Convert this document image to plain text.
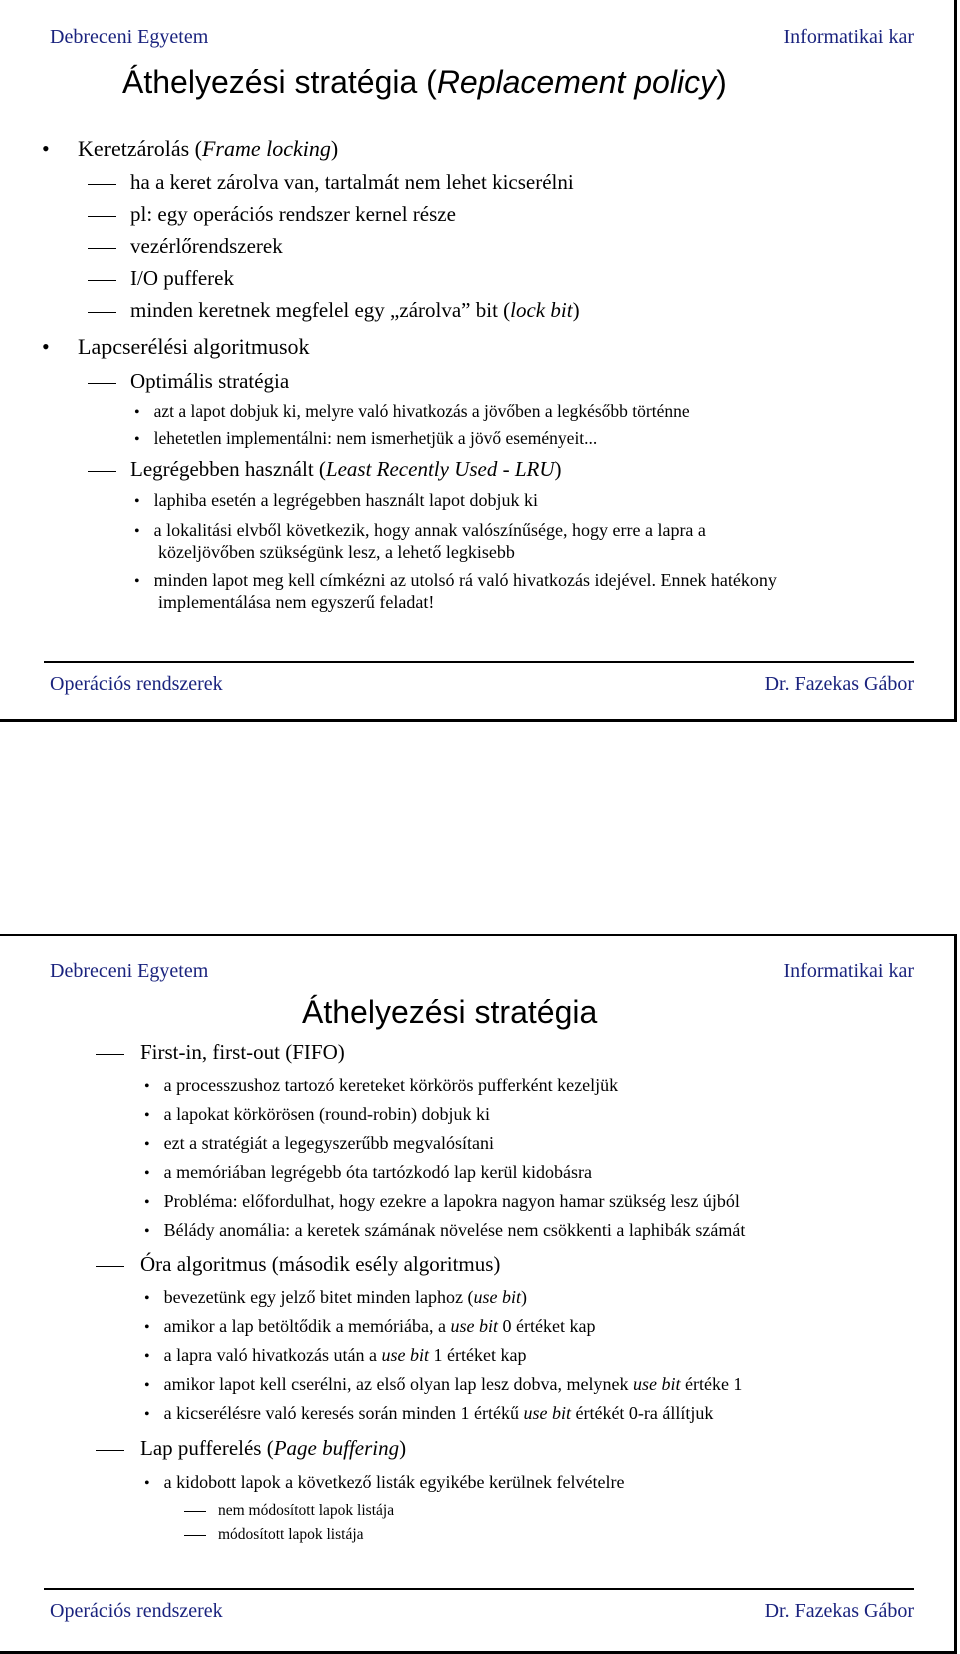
Debreceni Egyetem	Informatikai kar
Áthelyezési stratégia (Replacement policy)
• Keretzárolás (Frame locking)
ha a keret zárolva van, tartalmát nem lehet kicserélni
pl: egy operációs rendszer kernel része
vezérlőrendszerek
I/O pufferek
minden keretnek megfelel egy „zárolva” bit (lock bit)
• Lapcserélési algoritmusok
Optimális stratégia
• azt a lapot dobjuk ki, melyre való hivatkozás a jövőben a legkésőbb történne
• lehetetlen implementálni: nem ismerhetjük a jövő eseményeit...
Legrégebben használt (Least Recently Used - LRU)
• laphiba esetén a legrégebben használt lapot dobjuk ki
• a lokalitási elvből következik, hogy annak valószínűsége, hogy erre a lapra a
közeljövőben szükségünk lesz, a lehető legkisebb
• minden lapot meg kell címkézni az utolsó rá való hivatkozás idejével. Ennek hatékony
implementálása nem egyszerű feladat!
Operációs rendszerek	Dr. Fazekas Gábor
Debreceni Egyetem	Informatikai kar
Áthelyezési stratégia
First-in, first-out (FIFO)
• a processzushoz tartozó kereteket körkörös pufferként kezeljük
• a lapokat körkörösen (round-robin) dobjuk ki
• ezt a stratégiát a legegyszerűbb megvalósítani
• a memóriában legrégebb óta tartózkodó lap kerül kidobásra
• Probléma: előfordulhat, hogy ezekre a lapokra nagyon hamar szükség lesz újból
• Bélády anomália: a keretek számának növelése nem csökkenti a laphibák számát
Óra algoritmus (második esély algoritmus)
• bevezetünk egy jelző bitet minden laphoz (use bit)
• amikor a lap betöltődik a memóriába, a use bit 0 értéket kap
• a lapra való hivatkozás után a use bit 1 értéket kap
• amikor lapot kell cserélni, az első olyan lap lesz dobva, melynek use bit értéke 1
• a kicserélésre való keresés során minden 1 értékű use bit értékét 0-ra állítjuk
Lap pufferelés (Page buffering)
• a kidobott lapok a következő listák egyikébe kerülnek felvételre
nem módosított lapok listája
módosított lapok listája
Operációs rendszerek	Dr. Fazekas Gábor
